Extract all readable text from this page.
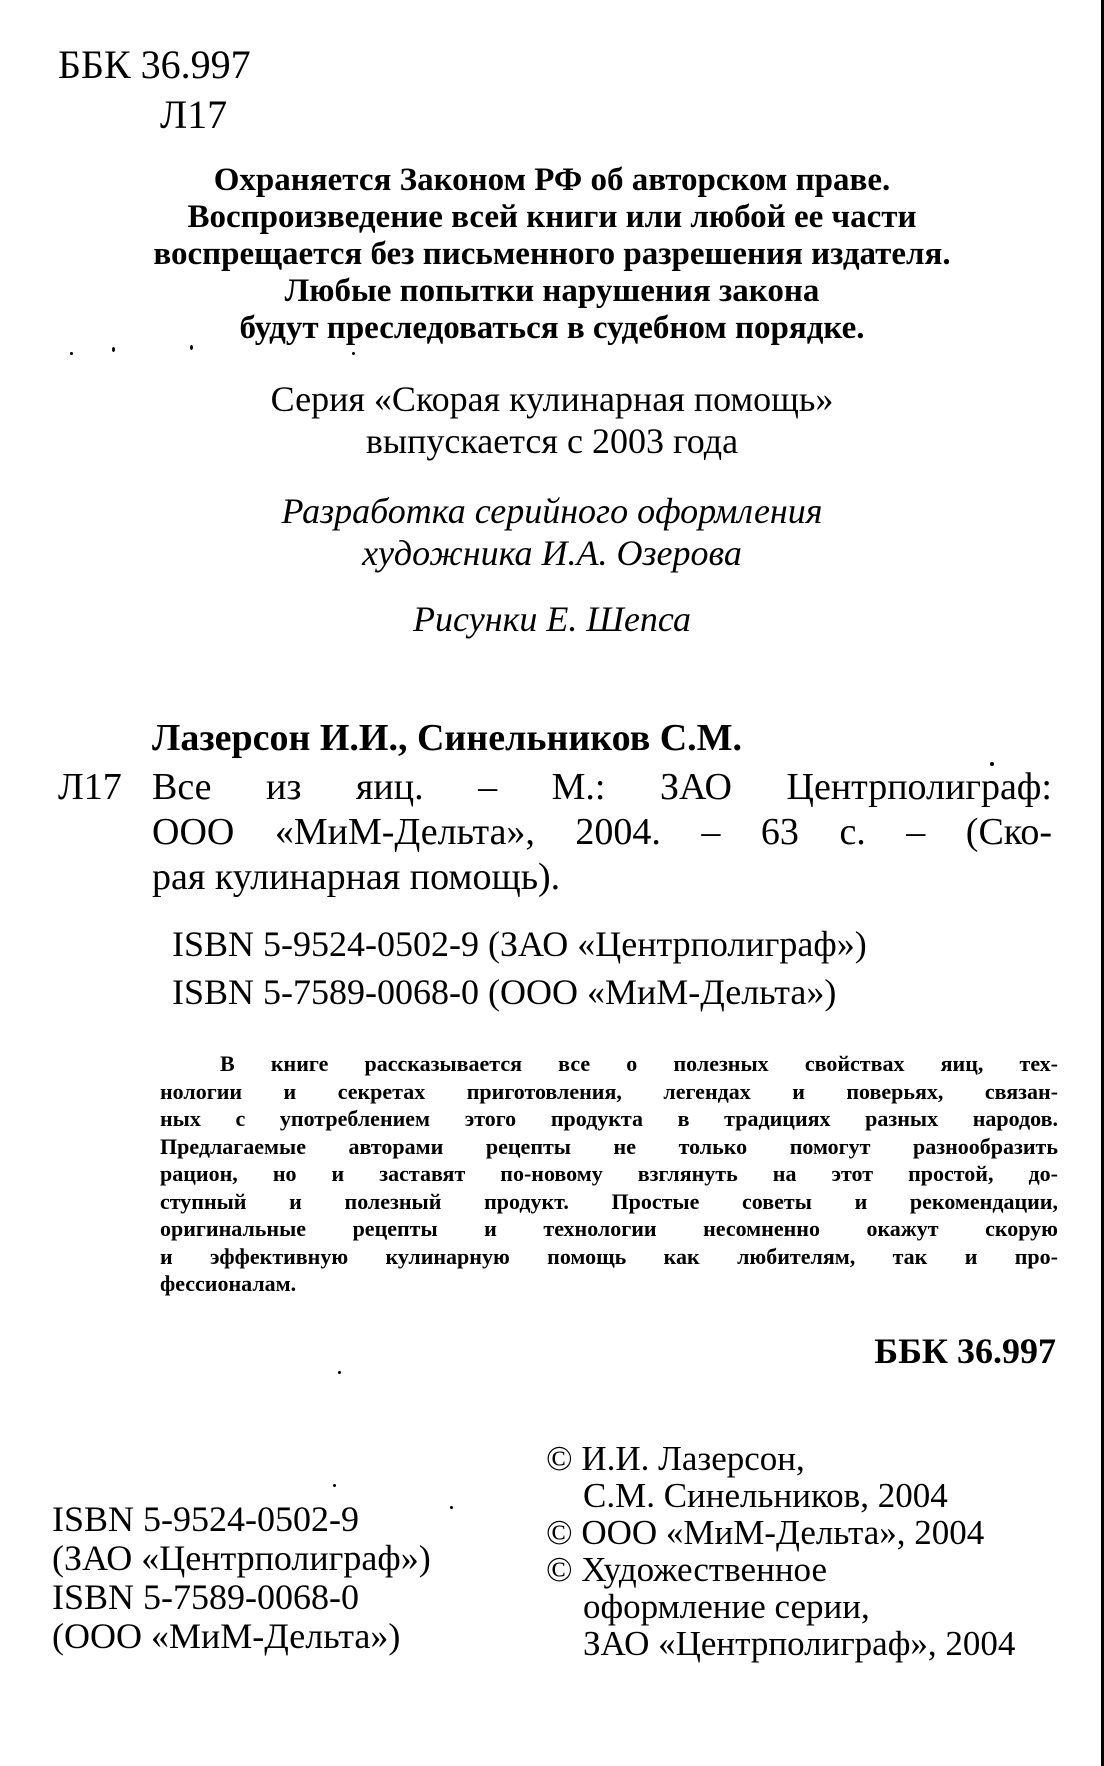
ББК 36.997
Л17
Охраняется Законом РФ об авторском праве.
Воспроизведение всей книги или любой ее части
воспрещается без письменного разрешения издателя.
Любые попытки нарушения закона
будут преследоваться в судебном порядке.
Серия «Скорая кулинарная помощь»
выпускается с 2003 года
Разработка серийного оформления
художника И.А. Озерова
Рисунки Е. Шепса
Лазерсон И.И., Синельников С.М.
Л17 Все из яиц. – М.: ЗАО Центрполиграф:
ООО «МиМ-Дельта», 2004. – 63 с. – (Ско-
рая кулинарная помощь).
ISBN 5-9524-0502-9 (ЗАО «Центрполиграф»)
ISBN 5-7589-0068-0 (ООО «МиМ-Дельта»)
В книге рассказывается все о полезных свойствах яиц, тех-
нологии и секретах приготовления, легендах и поверьях, связан-
ных с употреблением этого продукта в традициях разных народов.
Предлагаемые авторами рецепты не только помогут разнообразить
рацион, но и заставят по-новому взглянуть на этот простой, до-
ступный и полезный продукт. Простые советы и рекомендации,
оригинальные рецепты и технологии несомненно окажут скорую
и эффективную кулинарную помощь как любителям, так и про-
фессионалам.
ББК 36.997
ISBN 5-9524-0502-9
(ЗАО «Центрполиграф»)
ISBN 5-7589-0068-0
(ООО «МиМ-Дельта»)
© И.И. Лазерсон,
С.М. Синельников, 2004
© ООО «МиМ-Дельта», 2004
© Художественное
оформление серии,
ЗАО «Центрполиграф», 2004
